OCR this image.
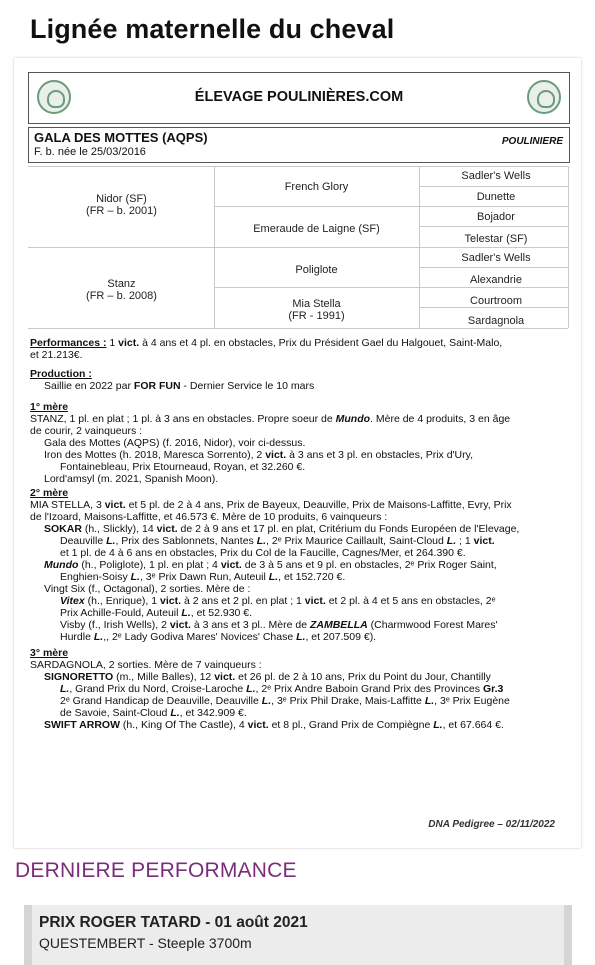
Lignée maternelle du cheval
ÉLEVAGE POULINIÈRES.COM
GALA DES MOTTES (AQPS)
F. b. née le 25/03/2016
POULINIERE
Nidor (SF)
(FR – b. 2001)
Stanz
(FR – b. 2008)
French Glory
Emeraude de Laigne (SF)
Poliglote
Mia Stella
(FR - 1991)
Sadler's Wells
Dunette
Bojador
Telestar (SF)
Sadler's Wells
Alexandrie
Courtroom
Sardagnola
Performances : 1 vict. à 4 ans et 4 pl. en obstacles, Prix du Président Gael du Halgouet, Saint-Malo,
et 21.213€.
Production :
Saillie en 2022 par FOR FUN - Dernier Service le 10 mars
1° mère
STANZ, 1 pl. en plat ; 1 pl. à 3 ans en obstacles. Propre soeur de Mundo. Mère de 4 produits, 3 en âge
de courir, 2 vainqueurs :
Gala des Mottes (AQPS) (f. 2016, Nidor), voir ci-dessus.
Iron des Mottes (h. 2018, Maresca Sorrento), 2 vict. à 3 ans et 3 pl. en obstacles, Prix d'Ury,
Fontainebleau, Prix Etourneaud, Royan, et 32.260 €.
Lord'amsyl (m. 2021, Spanish Moon).
2° mère
MIA STELLA, 3 vict. et 5 pl. de 2 à 4 ans, Prix de Bayeux, Deauville, Prix de Maisons-Laffitte, Evry, Prix
de l'Izoard, Maisons-Laffitte, et 46.573 €. Mère de 10 produits, 6 vainqueurs :
SOKAR (h., Slickly), 14 vict. de 2 à 9 ans et 17 pl. en plat, Critérium du Fonds Européen de l'Elevage,
Deauville L., Prix des Sablonnets, Nantes L., 2ᵉ Prix Maurice Caillault, Saint-Cloud L. ; 1 vict.
et 1 pl. de 4 à 6 ans en obstacles, Prix du Col de la Faucille, Cagnes/Mer, et 264.390 €.
Mundo (h., Poliglote), 1 pl. en plat ; 4 vict. de 3 à 5 ans et 9 pl. en obstacles, 2ᵉ Prix Roger Saint,
Enghien-Soisy L., 3ᵉ Prix Dawn Run, Auteuil L., et 152.720 €.
Vingt Six (f., Octagonal), 2 sorties. Mère de :
Vitex (h., Enrique), 1 vict. à 2 ans et 2 pl. en plat ; 1 vict. et 2 pl. à 4 et 5 ans en obstacles, 2ᵉ
Prix Achille-Fould, Auteuil L., et 52.930 €.
Visby (f., Irish Wells), 2 vict. à 3 ans et 3 pl.. Mère de ZAMBELLA (Charmwood Forest Mares'
Hurdle L.,, 2ᵉ Lady Godiva Mares' Novices' Chase L., et 207.509 €).
3° mère
SARDAGNOLA, 2 sorties. Mère de 7 vainqueurs :
SIGNORETTO (m., Mille Balles), 12 vict. et 26 pl. de 2 à 10 ans, Prix du Point du Jour, Chantilly
L., Grand Prix du Nord, Croise-Laroche L., 2ᵉ Prix Andre Baboin Grand Prix des Provinces Gr.3
2ᵉ Grand Handicap de Deauville, Deauville L., 3ᵉ Prix Phil Drake, Mais-Laffitte L., 3ᵉ Prix Eugène
de Savoie, Saint-Cloud L., et 342.909 €.
SWIFT ARROW (h., King Of The Castle), 4 vict. et 8 pl., Grand Prix de Compiègne L., et 67.664 €.
DNA Pedigree – 02/11/2022
DERNIERE PERFORMANCE
PRIX ROGER TATARD - 01 août 2021
QUESTEMBERT - Steeple 3700m
